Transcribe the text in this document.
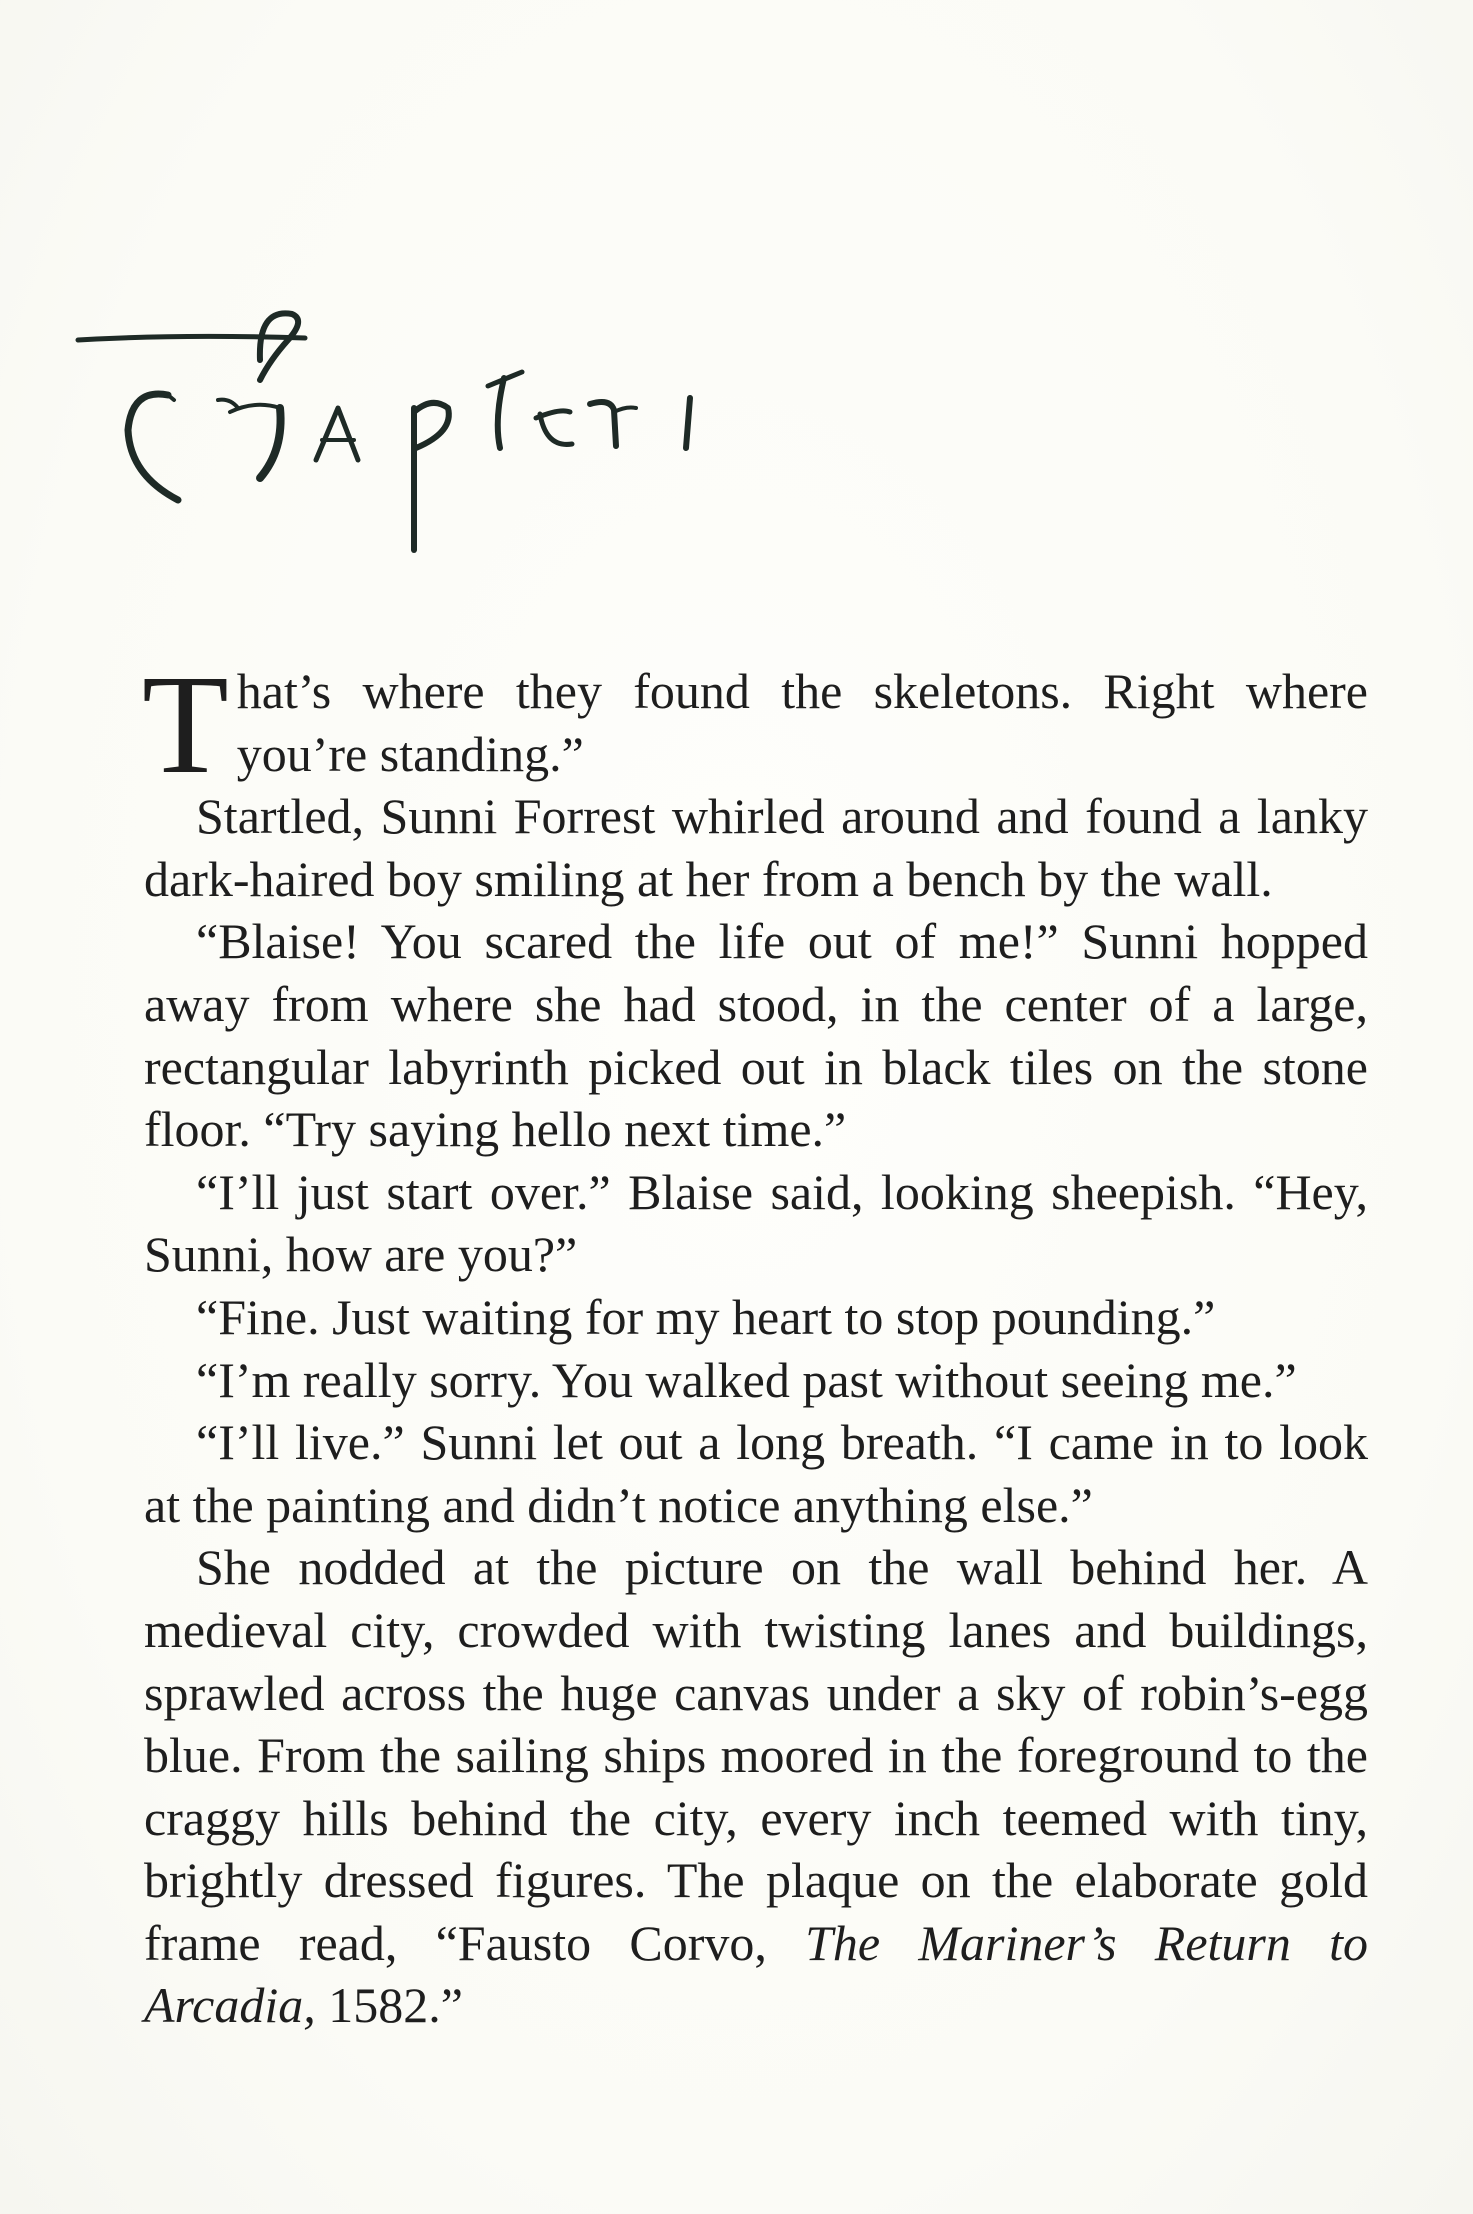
That’s where they found the skeletons. Right where you’re standing.”

Startled, Sunni Forrest whirled around and found a lanky dark-haired boy smiling at her from a bench by the wall.

“Blaise! You scared the life out of me!” Sunni hopped away from where she had stood, in the center of a large, rectangular labyrinth picked out in black tiles on the stone floor. “Try saying hello next time.”

“I’ll just start over.” Blaise said, looking sheepish. “Hey, Sunni, how are you?”

“Fine. Just waiting for my heart to stop pounding.”

“I’m really sorry. You walked past without seeing me.”

“I’ll live.” Sunni let out a long breath. “I came in to look at the painting and didn’t notice anything else.”

She nodded at the picture on the wall behind her. A medieval city, crowded with twisting lanes and buildings, sprawled across the huge canvas under a sky of robin’s-egg blue. From the sailing ships moored in the foreground to the craggy hills behind the city, every inch teemed with tiny, brightly dressed figures. The plaque on the elaborate gold frame read, “Fausto Corvo, The Mariner’s Return to Arcadia, 1582.”
